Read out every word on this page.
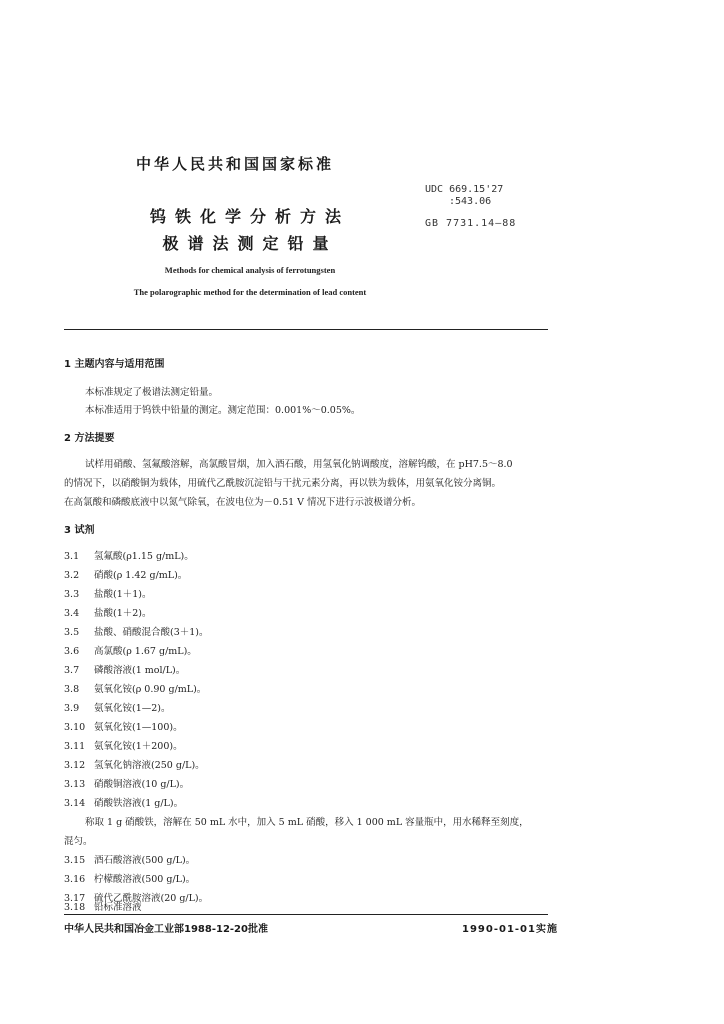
中华人民共和国国家标准
UDC 669.15'27
:543.06
GB 7731.14—88
钨铁化学分析方法
极谱法测定铅量
Methods for chemical analysis of ferrotungsten
The polarographic method for the determination of lead content
1 主题内容与适用范围
本标准规定了极谱法测定铅量。
本标准适用于钨铁中铅量的测定。测定范围：0.001%～0.05%。
2 方法提要
试样用硝酸、氢氟酸溶解，高氯酸冒烟，加入酒石酸，用氢氧化钠调酸度，溶解钨酸，在 pH7.5～8.0
的情况下，以硝酸铜为载体，用硫代乙酰胺沉淀铅与干扰元素分离，再以铁为载体，用氨氧化铵分离铜。
在高氯酸和磷酸底液中以氮气除氧，在波电位为－0.51 V 情况下进行示波极谱分析。
3 试剂
3.1 氢氟酸(ρ1.15 g/mL)。
3.2 硝酸(ρ 1.42 g/mL)。
3.3 盐酸(1＋1)。
3.4 盐酸(1＋2)。
3.5 盐酸、硝酸混合酸(3＋1)。
3.6 高氯酸(ρ 1.67 g/mL)。
3.7 磷酸溶液(1 mol/L)。
3.8 氨氧化铵(ρ 0.90 g/mL)。
3.9 氨氧化铵(1—2)。
3.10 氨氧化铵(1—100)。
3.11 氨氧化铵(1＋200)。
3.12 氢氧化钠溶液(250 g/L)。
3.13 硝酸铜溶液(10 g/L)。
3.14 硝酸铁溶液(1 g/L)。
称取 1 g 硝酸铁，溶解在 50 mL 水中，加入 5 mL 硝酸，移入 1 000 mL 容量瓶中，用水稀释至刻度，
混匀。
3.15 酒石酸溶液(500 g/L)。
3.16 柠檬酸溶液(500 g/L)。
3.17 硫代乙酰胺溶液(20 g/L)。
3.18 铅标准溶液
中华人民共和国冶金工业部1988-12-20批准	1990-01-01实施
